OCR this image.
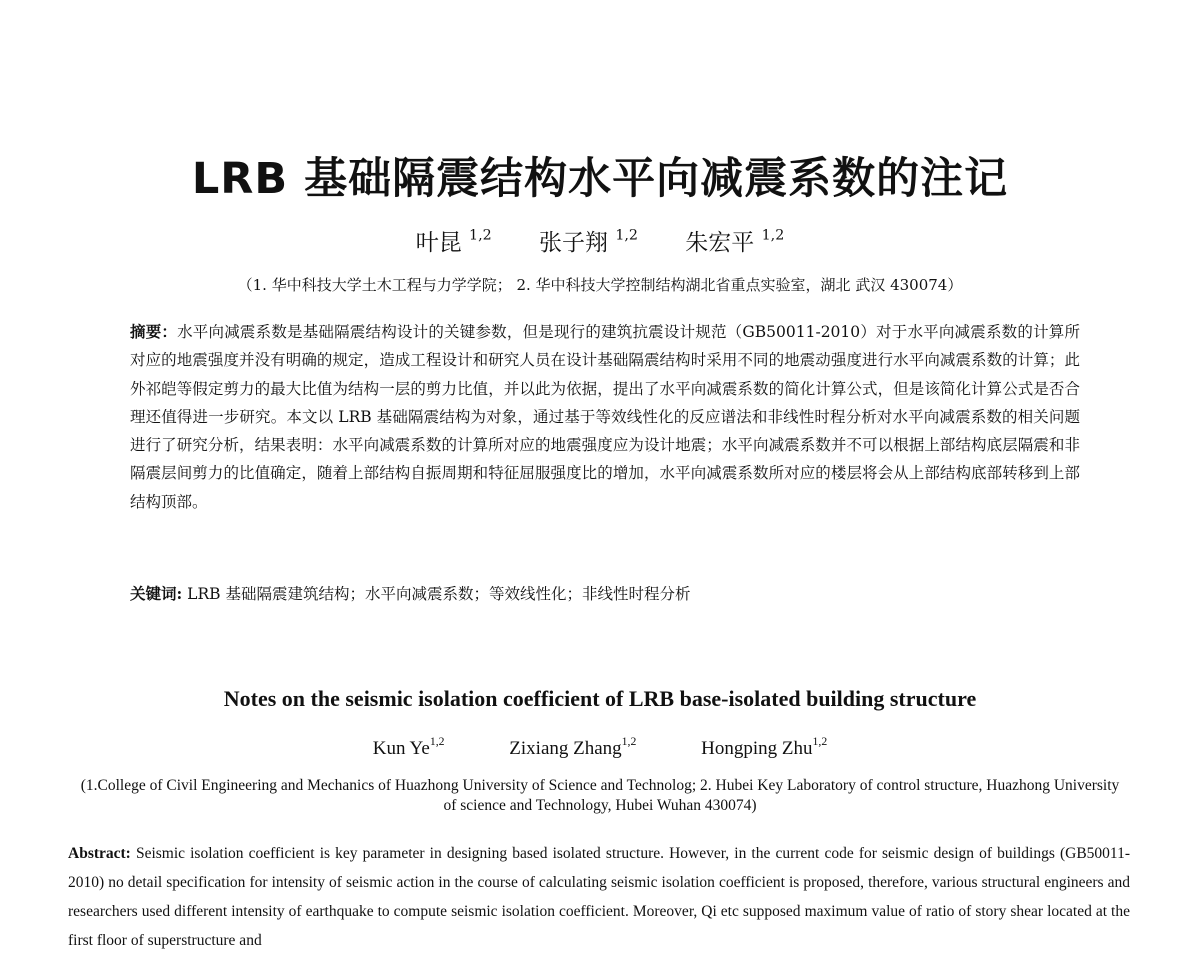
LRB 基础隔震结构水平向减震系数的注记
叶昆 $^{1,2}$ 张子翔 $^{1,2}$ 朱宏平 $^{1,2}$
（1. 华中科技大学土木工程与力学学院； 2. 华中科技大学控制结构湖北省重点实验室，湖北 武汉 430074）

摘要：水平向减震系数是基础隔震结构设计的关键参数，但是现行的建筑抗震设计规范（GB50011-2010）对于水平向减震系数的计算所对应的地震强度并没有明确的规定，造成工程设计和研究人员在设计基础隔震结构时采用不同的地震动强度进行水平向减震系数的计算；此外祁皑等假定剪力的最大比值为结构一层的剪力比值，并以此为依据，提出了水平向减震系数的简化计算公式，但是该简化计算公式是否合理还值得进一步研究。本文以 LRB 基础隔震结构为对象，通过基于等效线性化的反应谱法和非线性时程分析对水平向减震系数的相关问题进行了研究分析，结果表明：水平向减震系数的计算所对应的地震强度应为设计地震；水平向减震系数并不可以根据上部结构底层隔震和非隔震层间剪力的比值确定，随着上部结构自振周期和特征屈服强度比的增加，水平向减震系数所对应的楼层将会从上部结构底部转移到上部结构顶部。

关键词: LRB 基础隔震建筑结构；水平向减震系数；等效线性化；非线性时程分析

Notes on the seismic isolation coefficient of LRB base-isolated building structure
Kun Ye$^{1,2}$	Zixiang Zhang$^{1,2}$	Hongping Zhu$^{1,2}$

(1.College of Civil Engineering and Mechanics of Huazhong University of Science and Technolog; 2. Hubei Key Laboratory of control structure, Huazhong University of science and Technology, Hubei Wuhan 430074)

Abstract: Seismic isolation coefficient is key parameter in designing based isolated structure. However, in the current code for seismic design of buildings (GB50011-2010) no detail specification for intensity of seismic action in the course of calculating seismic isolation coefficient is proposed, therefore, various structural engineers and researchers used different intensity of earthquake to compute seismic isolation coefficient. Moreover, Qi etc supposed maximum value of ratio of story shear located at the first floor of superstructure and
